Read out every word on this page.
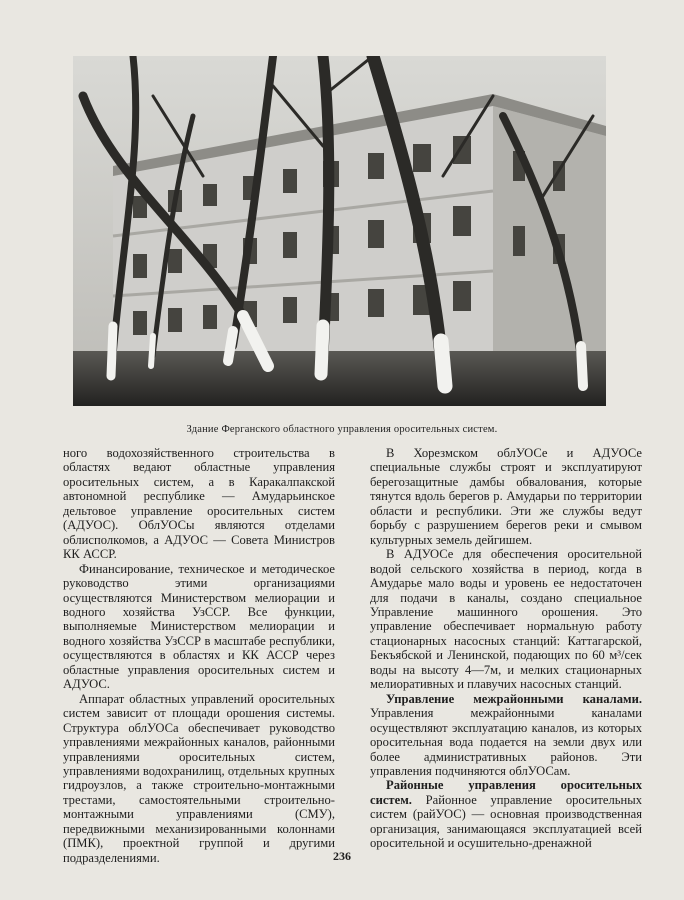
Здание Ферганского областного управления оросительных систем.

ного водохозяйственного строительства в областях ведают областные управления оросительных систем, а в Каракалпакской автономной республике — Амударьинское дельтовое управление оросительных систем (АДУОС). ОблУОСы являются отделами облисполкомов, а АДУОС — Совета Министров КК АССР.

Финансирование, техническое и методическое руководство этими организациями осуществляются Министерством мелиорации и водного хозяйства УзССР. Все функции, выполняемые Министерством мелиорации и водного хозяйства УзССР в масштабе республики, осуществляются в областях и КК АССР через областные управления оросительных систем и АДУОС.

Аппарат областных управлений оросительных систем зависит от площади орошения системы. Структура облУОСа обеспечивает руководство управлениями межрайонных каналов, районными управлениями оросительных систем, управлениями водохранилищ, отдельных крупных гидроузлов, а также строительно-монтажными трестами, самостоятельными строительно-монтажными управлениями (СМУ), передвижными механизированными колоннами (ПМК), проектной группой и другими подразделениями.

В Хорезмском облУОСе и АДУОСе специальные службы строят и эксплуатируют берегозащитные дамбы обвалования, которые тянутся вдоль берегов р. Амударьи по территории области и республики. Эти же службы ведут борьбу с разрушением берегов реки и смывом культурных земель дейгишем.

В АДУОСе для обеспечения оросительной водой сельского хозяйства в период, когда в Амударье мало воды и уровень ее недостаточен для подачи в каналы, создано специальное Управление машинного орошения. Это управление обеспечивает нормальную работу стационарных насосных станций: Каттагарской, Бекъябской и Ленинской, подающих по 60 м³/сек воды на высоту 4—7м, и мелких стационарных мелиоративных и плавучих насосных станций.

Управление межрайонными каналами. Управления межрайонными каналами осуществляют эксплуатацию каналов, из которых оросительная вода подается на земли двух или более административных районов. Эти управления подчиняются облУОСам.

Районные управления оросительных систем. Районное управление оросительных систем (райУОС) — основная производственная организация, занимающаяся эксплуатацией всей оросительной и осушительно-дренажной

236
